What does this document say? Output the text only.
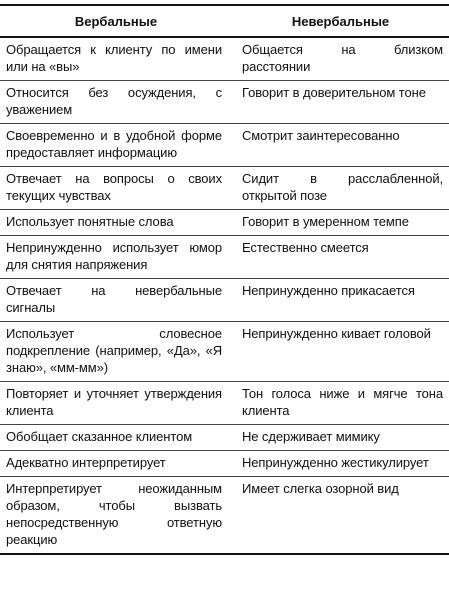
Вербальные	Невербальные
Обращается к клиенту по имени или на «вы»	Общается на близком расстоянии
Относится без осуждения, с уважением	Говорит в доверительном тоне
Своевременно и в удобной форме предоставляет информацию	Смотрит заинтересованно
Отвечает на вопросы о своих текущих чувствах	Сидит в расслабленной, открытой позе
Использует понятные слова	Говорит в умеренном темпе
Непринужденно использует юмор для снятия напряжения	Естественно смеется
Отвечает на невербальные сигналы	Непринужденно прикасается
Использует словесное подкрепление (например, «Да», «Я знаю», «мм-мм»)	Непринужденно кивает головой
Повторяет и уточняет утверждения клиента	Тон голоса ниже и мягче тона клиента
Обобщает сказанное клиентом	Не сдерживает мимику
Адекватно интерпретирует	Непринужденно жестикулирует
Интерпретирует неожиданным образом, чтобы вызвать непосредственную ответную реакцию	Имеет слегка озорной вид
